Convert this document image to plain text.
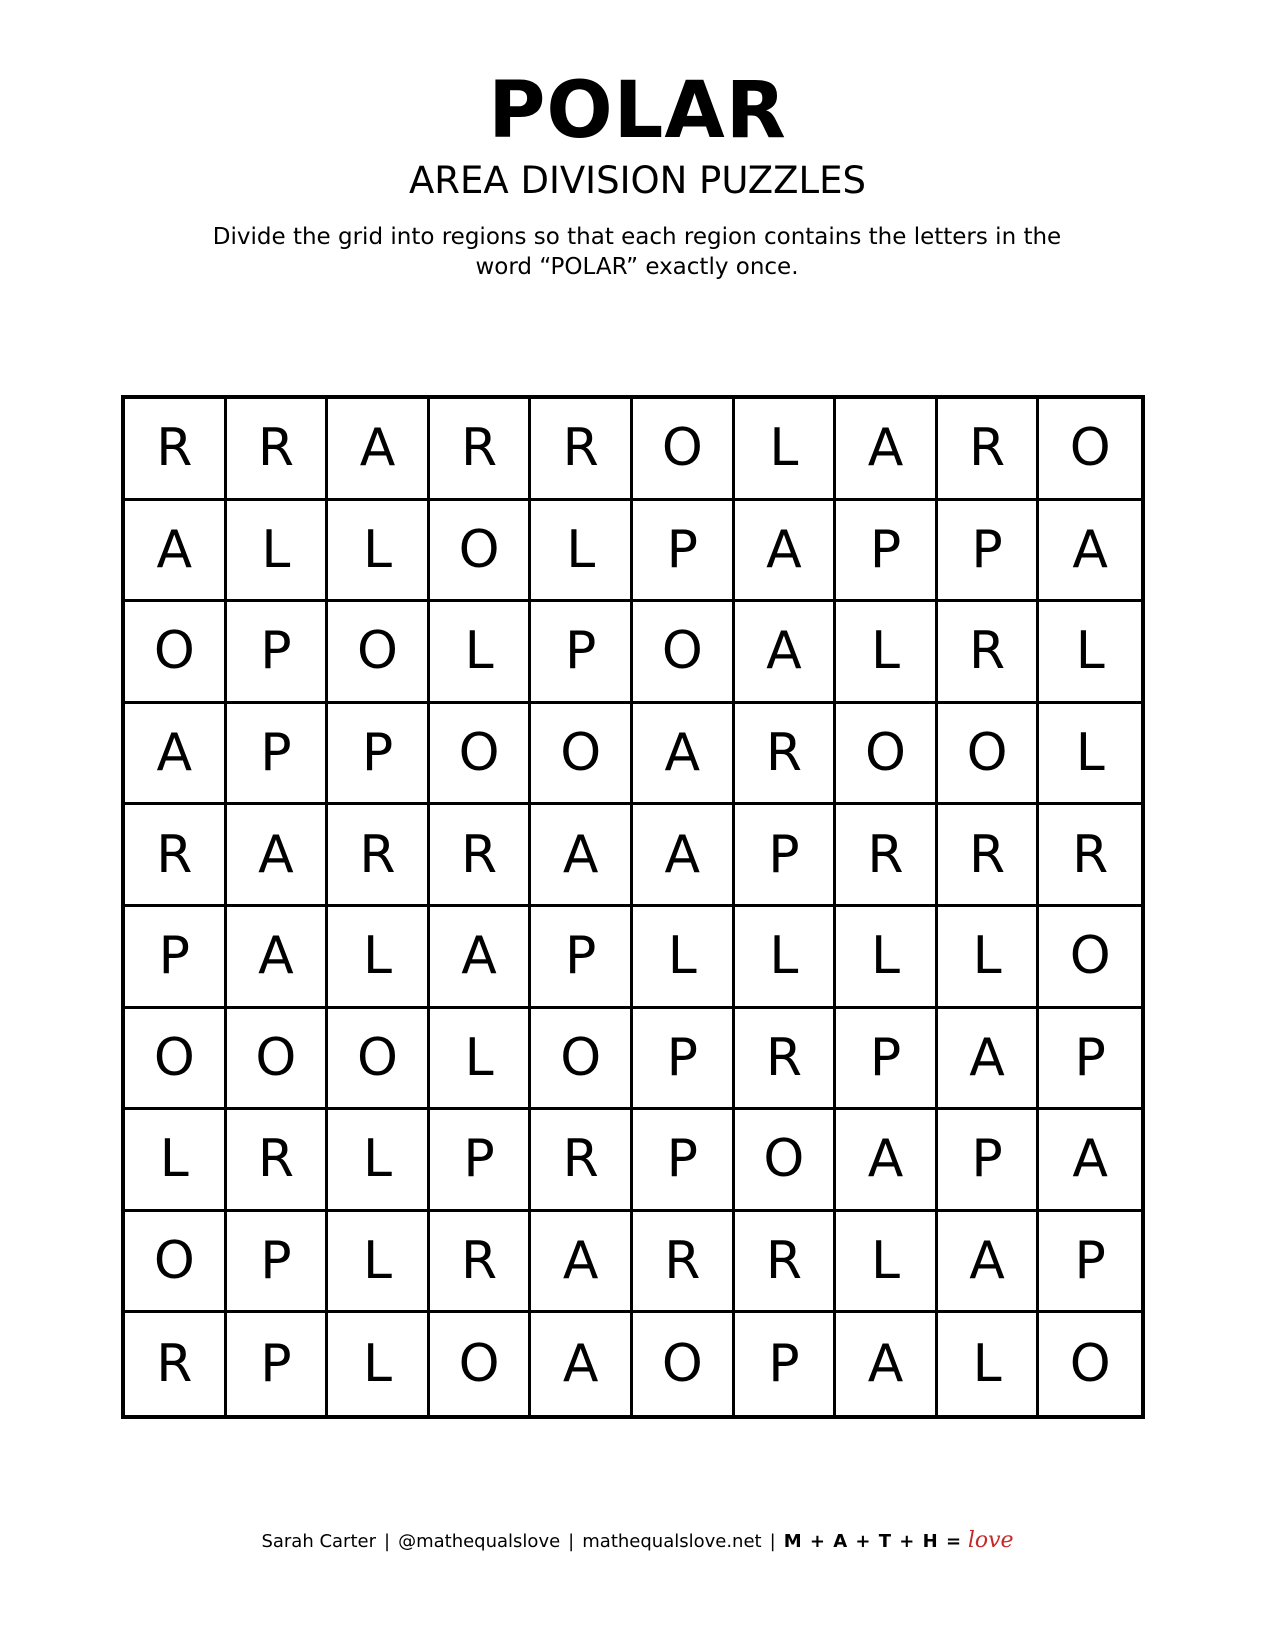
POLAR
AREA DIVISION PUZZLES
Divide the grid into regions so that each region contains the letters in the
word “POLAR” exactly once.
R	R	A	R	R	O	L	A	R	O
A	L	L	O	L	P	A	P	P	A
O	P	O	L	P	O	A	L	R	L
A	P	P	O	O	A	R	O	O	L
R	A	R	R	A	A	P	R	R	R
P	A	L	A	P	L	L	L	L	O
O	O	O	L	O	P	R	P	A	P
L	R	L	P	R	P	O	A	P	A
O	P	L	R	A	R	R	L	A	P
R	P	L	O	A	O	P	A	L	O
Sarah Carter | @mathequalslove | mathequalslove.net | M + A + T + H = love
